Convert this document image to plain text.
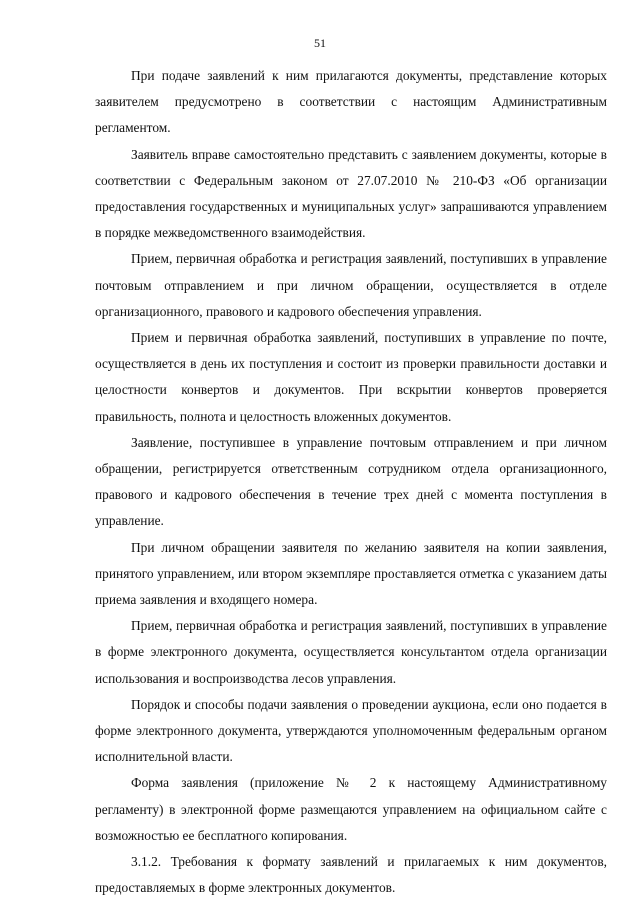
51

При подаче заявлений к ним прилагаются документы, представление которых заявителем предусмотрено в соответствии с настоящим Административным регламентом.

Заявитель вправе самостоятельно представить с заявлением документы, которые в соответствии с Федеральным законом от 27.07.2010 № 210-ФЗ «Об организации предоставления государственных и муниципальных услуг» запрашиваются управлением в порядке межведомственного взаимодействия.

Прием, первичная обработка и регистрация заявлений, поступивших в управление почтовым отправлением и при личном обращении, осуществляется в отделе организационного, правового и кадрового обеспечения управления.

Прием и первичная обработка заявлений, поступивших в управление по почте, осуществляется в день их поступления и состоит из проверки правильности доставки и целостности конвертов и документов. При вскрытии конвертов проверяется правильность, полнота и целостность вложенных документов.

Заявление, поступившее в управление почтовым отправлением и при личном обращении, регистрируется ответственным сотрудником отдела организационного, правового и кадрового обеспечения в течение трех дней с момента поступления в управление.

При личном обращении заявителя по желанию заявителя на копии заявления, принятого управлением, или втором экземпляре проставляется отметка с указанием даты приема заявления и входящего номера.

Прием, первичная обработка и регистрация заявлений, поступивших в управление в форме электронного документа, осуществляется консультантом отдела организации использования и воспроизводства лесов управления.

Порядок и способы подачи заявления о проведении аукциона, если оно подается в форме электронного документа, утверждаются уполномоченным федеральным органом исполнительной власти.

Форма заявления (приложение № 2 к настоящему Административному регламенту) в электронной форме размещаются управлением на официальном сайте с возможностью ее бесплатного копирования.

3.1.2. Требования к формату заявлений и прилагаемых к ним документов, предоставляемых в форме электронных документов.
